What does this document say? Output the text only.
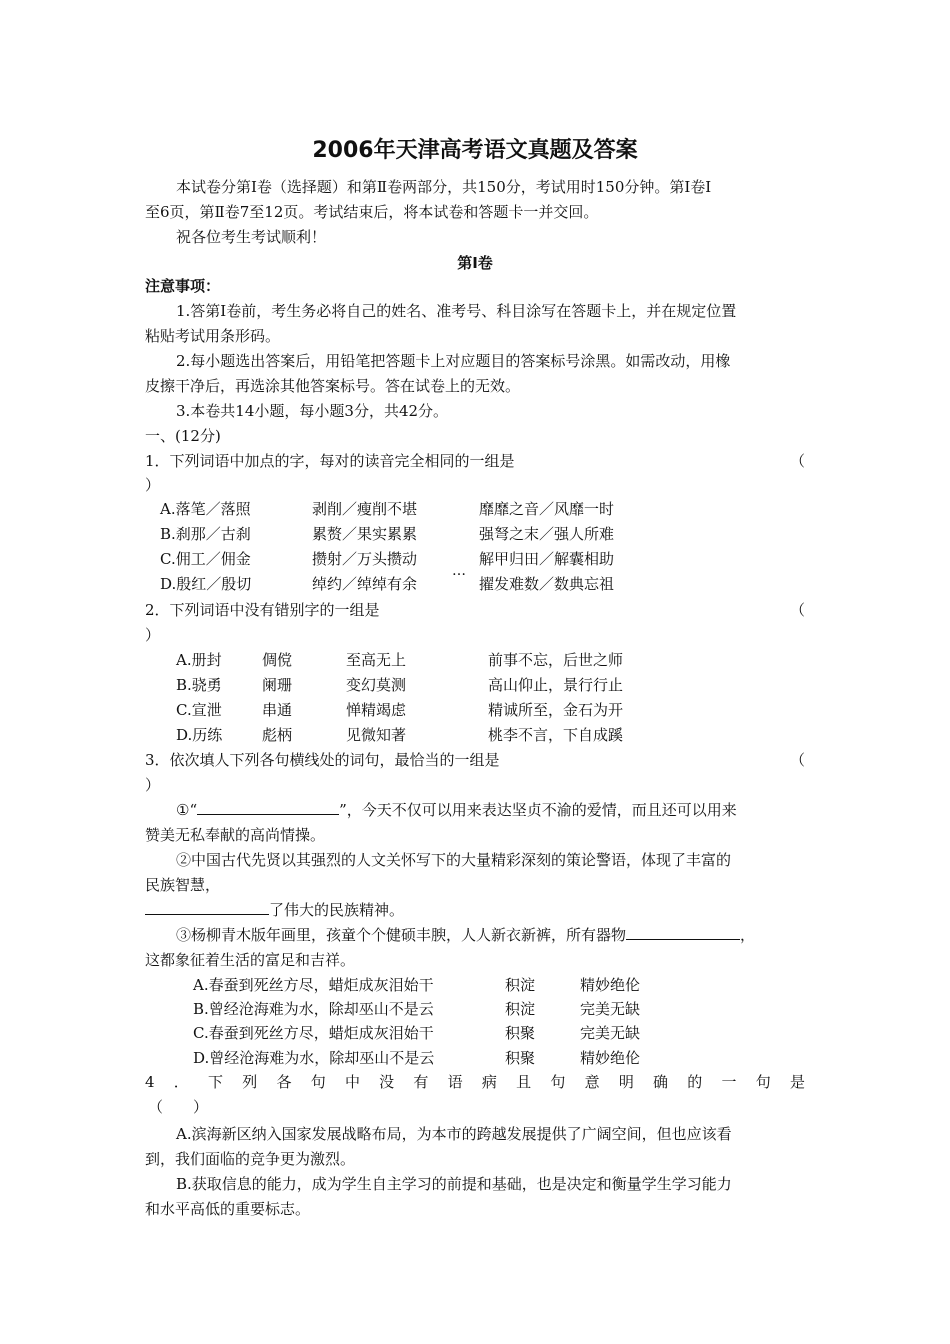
2006年天津高考语文真题及答案
本试卷分第Ⅰ卷（选择题）和第Ⅱ卷两部分，共150分，考试用时150分钟。第Ⅰ卷Ⅰ
至6页，第Ⅱ卷7至12页。考试结束后，将本试卷和答题卡一并交回。
祝各位考生考试顺利！
第Ⅰ卷
注意事项：
1.答第Ⅰ卷前，考生务必将自己的姓名、准考号、科目涂写在答题卡上，并在规定位置
粘贴考试用条形码。
2.每小题选出答案后，用铅笔把答题卡上对应题目的答案标号涂黑。如需改动，用橡
皮擦干净后，再选涂其他答案标号。答在试卷上的无效。
3.本卷共14小题，每小题3分，共42分。
一、(12分)
1．下列词语中加点的字，每对的读音完全相同的一组是	（
）
A.落笔／落照	剥削／瘦削不堪	靡靡之音／风靡一时
B.刹那／古刹	累赘／果实累累	强弩之末／强人所难
C.佣工／佣金	攒射／万头攒动	解甲归田／解囊相助
…
D.殷红／殷切	绰约／绰绰有余	擢发难数／数典忘祖
2．下列词语中没有错别字的一组是	（
）
A.册封	倜傥	至高无上	前事不忘，后世之师
B.骁勇	阑珊	变幻莫测	高山仰止，景行行止
C.宣泄	串通	惮精竭虑	精诚所至，金石为开
D.历练	彪柄	见微知著	桃李不言，下自成蹊
3．依次填人下列各句横线处的词句，最恰当的一组是	（
）
①“	”，今天不仅可以用来表达坚贞不渝的爱情，而且还可以用来
赞美无私奉献的高尚情操。
②中国古代先贤以其强烈的人文关怀写下的大量精彩深刻的策论警语，体现了丰富的
民族智慧，
了伟大的民族精神。
③杨柳青木版年画里，孩童个个健硕丰腴，人人新衣新裤，所有器物	，
这都象征着生活的富足和吉祥。
A.春蚕到死丝方尽，蜡炬成灰泪始干	积淀	精妙绝伦
B.曾经沧海难为水，除却巫山不是云	积淀	完美无缺
C.春蚕到死丝方尽，蜡炬成灰泪始干	积聚	完美无缺
D.曾经沧海难为水，除却巫山不是云	积聚	精妙绝伦
4 ． 下 列 各 句 中 没 有 语 病 且 句 意 明 确 的 一 句 是
（　　）
A.滨海新区纳入国家发展战略布局，为本市的跨越发展提供了广阔空间，但也应该看
到，我们面临的竞争更为激烈。
B.获取信息的能力，成为学生自主学习的前提和基础，也是决定和衡量学生学习能力
和水平高低的重要标志。
